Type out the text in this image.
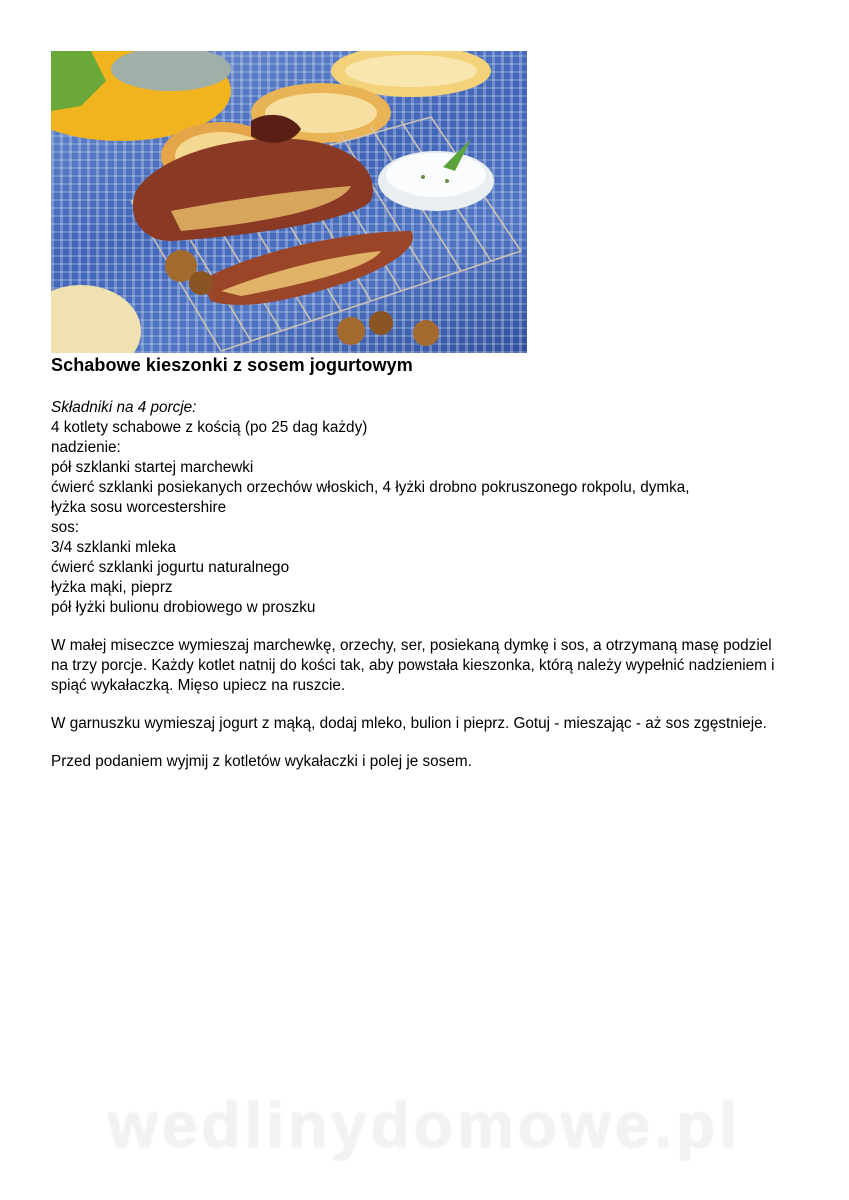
Schabowe kieszonki z sosem jogurtowym
Składniki na 4 porcje:
4 kotlety schabowe z kością (po 25 dag każdy)
nadzienie:
pół szklanki startej marchewki
ćwierć szklanki posiekanych orzechów włoskich, 4 łyżki drobno pokruszonego rokpolu, dymka,
łyżka sosu worcestershire
sos:
3/4 szklanki mleka
ćwierć szklanki jogurtu naturalnego
łyżka mąki, pieprz
pół łyżki bulionu drobiowego w proszku

W małej miseczce wymieszaj marchewkę, orzechy, ser, posiekaną dymkę i sos, a otrzymaną masę podziel na trzy porcje. Każdy kotlet natnij do kości tak, aby powstała kieszonka, którą należy wypełnić nadzieniem i spiąć wykałaczką. Mięso upiecz na ruszcie.

W garnuszku wymieszaj jogurt z mąką, dodaj mleko, bulion i pieprz. Gotuj - mieszając - aż sos zgęstnieje.

Przed podaniem wyjmij z kotletów wykałaczki i polej je sosem.

wedlinydomowe.pl
